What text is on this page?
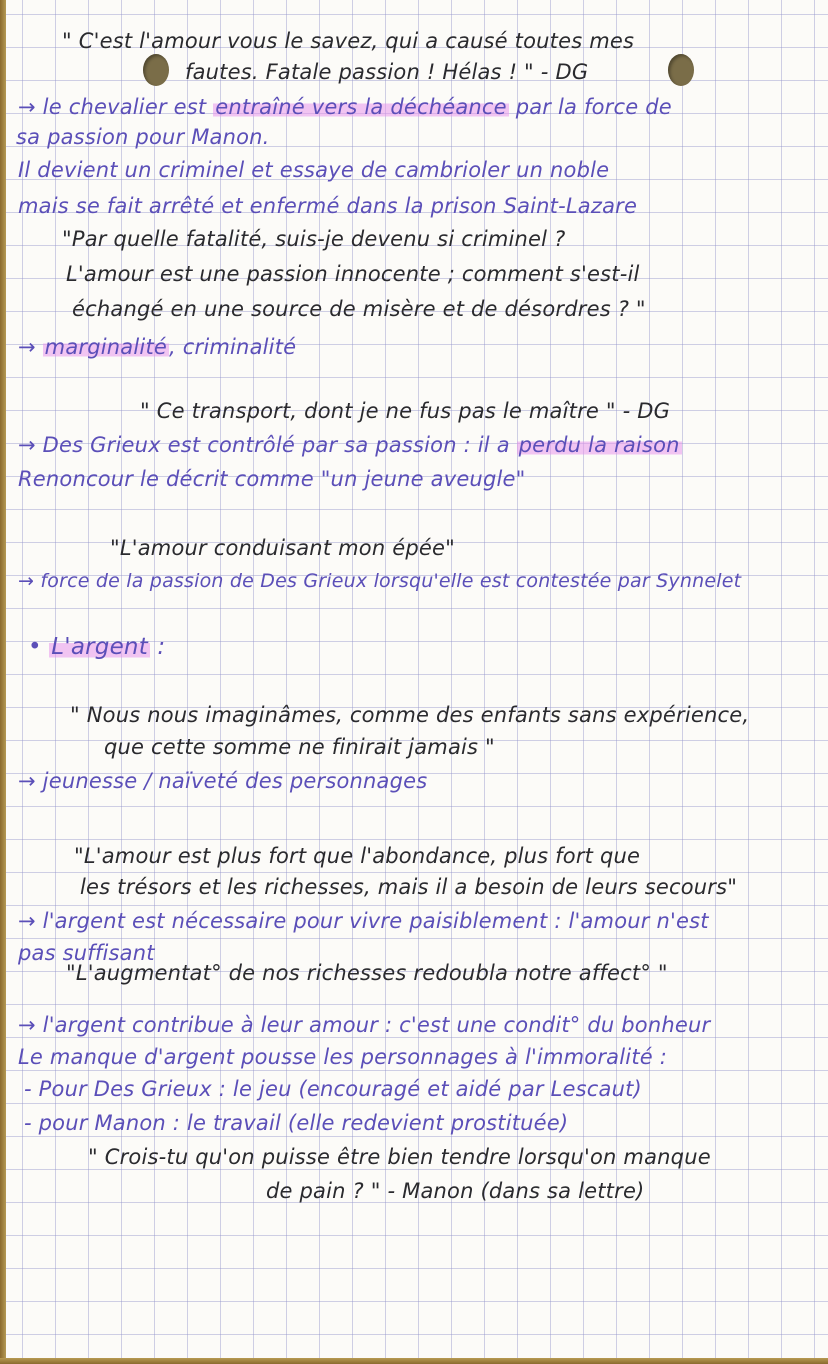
" C'est l'amour vous le savez, qui a causé toutes mes
fautes. Fatale passion ! Hélas ! " - DG
→ le chevalier est entraîné vers la déchéance par la force de
sa passion pour Manon.
Il devient un criminel et essaye de cambrioler un noble
mais se fait arrêté et enfermé dans la prison Saint-Lazare
"Par quelle fatalité, suis-je devenu si criminel ?
L'amour est une passion innocente ; comment s'est-il
échangé en une source de misère et de désordres ? "
→ marginalité, criminalité
" Ce transport, dont je ne fus pas le maître " - DG
→ Des Grieux est contrôlé par sa passion : il a perdu la raison
Renoncour le décrit comme "un jeune aveugle"
"L'amour conduisant mon épée"
→ force de la passion de Des Grieux lorsqu'elle est contestée par Synnelet
• L'argent :
" Nous nous imaginâmes, comme des enfants sans expérience,
que cette somme ne finirait jamais "
→ jeunesse / naïveté des personnages
"L'amour est plus fort que l'abondance, plus fort que
les trésors et les richesses, mais il a besoin de leurs secours"
→ l'argent est nécessaire pour vivre paisiblement : l'amour n'est
pas suffisant
"L'augmentat° de nos richesses redoubla notre affect° "
→ l'argent contribue à leur amour : c'est une condit° du bonheur
Le manque d'argent pousse les personnages à l'immoralité :
- Pour Des Grieux : le jeu (encouragé et aidé par Lescaut)
- pour Manon : le travail (elle redevient prostituée)
" Crois-tu qu'on puisse être bien tendre lorsqu'on manque
de pain ? " - Manon (dans sa lettre)
